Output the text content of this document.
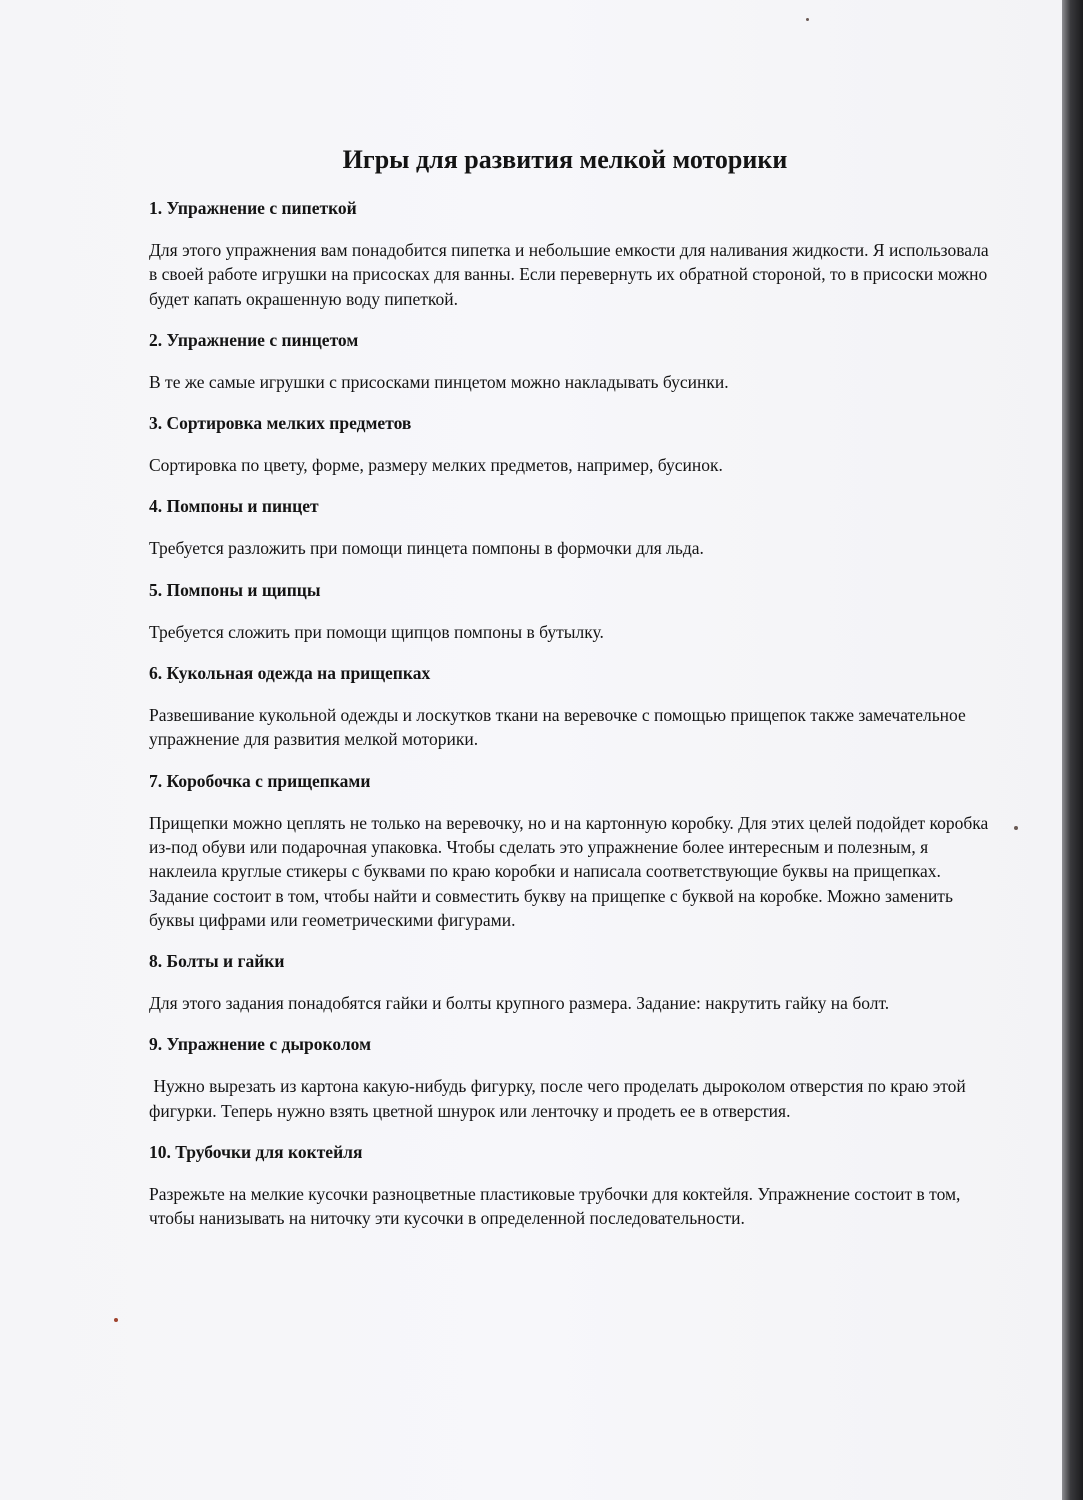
Игры для развития мелкой моторики

1. Упражнение с пипеткой

Для этого упражнения вам понадобится пипетка и небольшие емкости для наливания жидкости. Я использовала в своей работе игрушки на присосках для ванны. Если перевернуть их обратной стороной, то в присоски можно будет капать окрашенную воду пипеткой.

2. Упражнение с пинцетом

В те же самые игрушки с присосками пинцетом можно накладывать бусинки.

3. Сортировка мелких предметов

Сортировка по цвету, форме, размеру мелких предметов, например, бусинок.

4. Помпоны и пинцет

Требуется разложить при помощи пинцета помпоны в формочки для льда.

5. Помпоны и щипцы

Требуется сложить при помощи щипцов помпоны в бутылку.

6. Кукольная одежда на прищепках

Развешивание кукольной одежды и лоскутков ткани на веревочке с помощью прищепок также замечательное упражнение для развития мелкой моторики.

7. Коробочка с прищепками

Прищепки можно цеплять не только на веревочку, но и на картонную коробку. Для этих целей подойдет коробка из-под обуви или подарочная упаковка. Чтобы сделать это упражнение более интересным и полезным, я наклеила круглые стикеры с буквами по краю коробки и написала соответствующие буквы на прищепках. Задание состоит в том, чтобы найти и совместить букву на прищепке с буквой на коробке. Можно заменить буквы цифрами или геометрическими фигурами.

8. Болты и гайки

Для этого задания понадобятся гайки и болты крупного размера. Задание: накрутить гайку на болт.

9. Упражнение с дыроколом

Нужно вырезать из картона какую-нибудь фигурку, после чего проделать дыроколом отверстия по краю этой фигурки. Теперь нужно взять цветной шнурок или ленточку и продеть ее в отверстия.

10. Трубочки для коктейля

Разрежьте на мелкие кусочки разноцветные пластиковые трубочки для коктейля. Упражнение состоит в том, чтобы нанизывать на ниточку эти кусочки в определенной последовательности.
